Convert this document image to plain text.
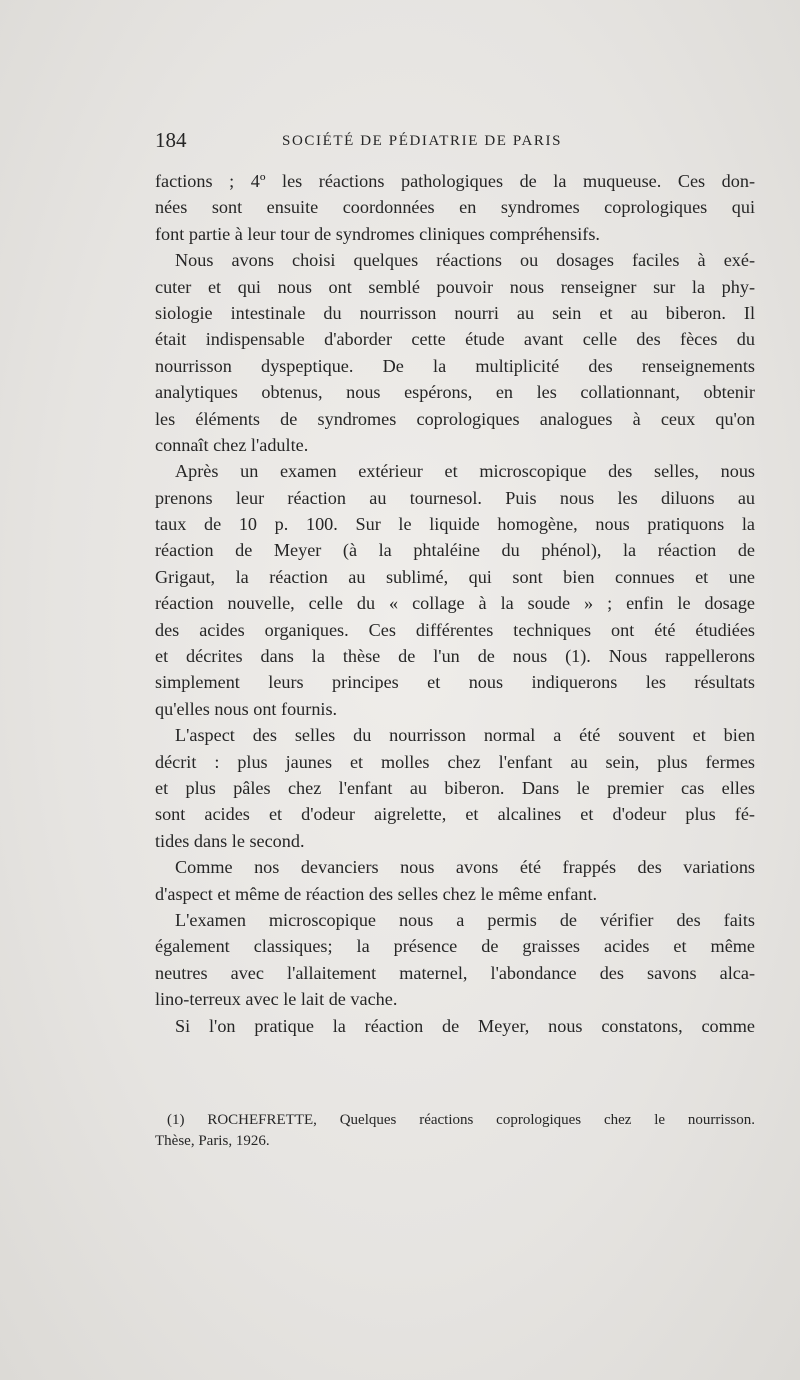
184	SOCIÉTÉ DE PÉDIATRIE DE PARIS
factions ; 4º les réactions pathologiques de la muqueuse. Ces don-
nées sont ensuite coordonnées en syndromes coprologiques qui
font partie à leur tour de syndromes cliniques compréhensifs.
Nous avons choisi quelques réactions ou dosages faciles à exé-
cuter et qui nous ont semblé pouvoir nous renseigner sur la phy-
siologie intestinale du nourrisson nourri au sein et au biberon. Il
était indispensable d'aborder cette étude avant celle des fèces du
nourrisson dyspeptique. De la multiplicité des renseignements
analytiques obtenus, nous espérons, en les collationnant, obtenir
les éléments de syndromes coprologiques analogues à ceux qu'on
connaît chez l'adulte.
Après un examen extérieur et microscopique des selles, nous
prenons leur réaction au tournesol. Puis nous les diluons au
taux de 10 p. 100. Sur le liquide homogène, nous pratiquons la
réaction de Meyer (à la phtaléine du phénol), la réaction de
Grigaut, la réaction au sublimé, qui sont bien connues et une
réaction nouvelle, celle du « collage à la soude » ; enfin le dosage
des acides organiques. Ces différentes techniques ont été étudiées
et décrites dans la thèse de l'un de nous (1). Nous rappellerons
simplement leurs principes et nous indiquerons les résultats
qu'elles nous ont fournis.
L'aspect des selles du nourrisson normal a été souvent et bien
décrit : plus jaunes et molles chez l'enfant au sein, plus fermes
et plus pâles chez l'enfant au biberon. Dans le premier cas elles
sont acides et d'odeur aigrelette, et alcalines et d'odeur plus fé-
tides dans le second.
Comme nos devanciers nous avons été frappés des variations
d'aspect et même de réaction des selles chez le même enfant.
L'examen microscopique nous a permis de vérifier des faits
également classiques; la présence de graisses acides et même
neutres avec l'allaitement maternel, l'abondance des savons alca-
lino-terreux avec le lait de vache.
Si l'on pratique la réaction de Meyer, nous constatons, comme
(1) ROCHEFRETTE, Quelques réactions coprologiques chez le nourrisson.
Thèse, Paris, 1926.
